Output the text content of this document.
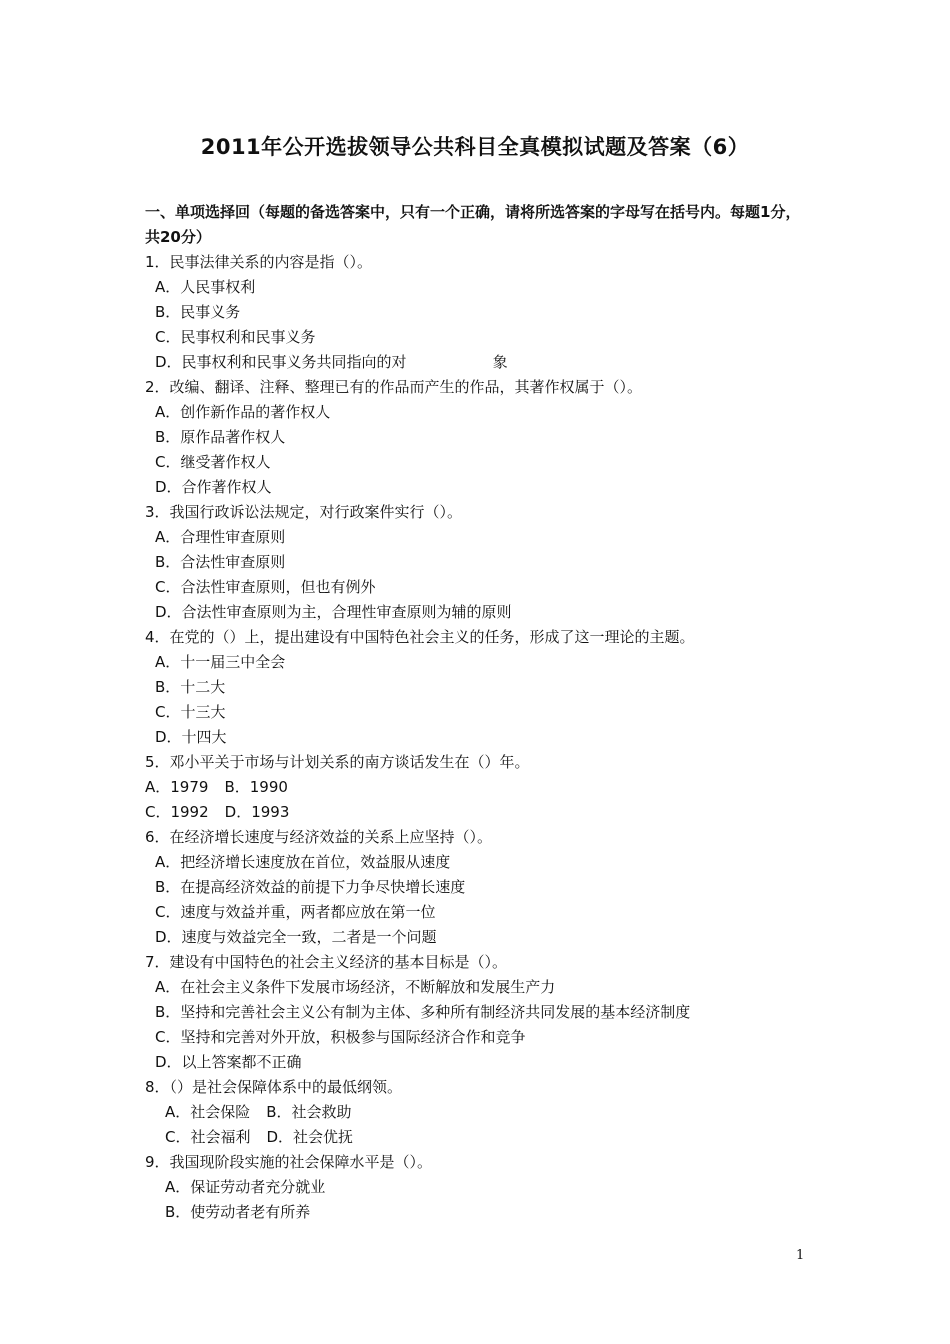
2011年公开选拔领导公共科目全真模拟试题及答案（6）
一、单项选择回（每题的备选答案中，只有一个正确，请将所选答案的字母写在括号内。每题1分，共20分）
1．民事法律关系的内容是指（）。
A．人民事权利
B．民事义务
C．民事权利和民事义务
D．民事权利和民事义务共同指向的对	象
2．改编、翻译、注释、整理已有的作品而产生的作品，其著作权属于（）。
A．创作新作品的著作权人
B．原作品著作权人
C．继受著作权人
D．合作著作权人
3．我国行政诉讼法规定，对行政案件实行（）。
A．合理性审查原则
B．合法性审查原则
C．合法性审查原则，但也有例外
D．合法性审查原则为主，合理性审查原则为辅的原则
4．在党的（）上，提出建设有中国特色社会主义的任务，形成了这一理论的主题。
A．十一届三中全会
B．十二大
C．十三大
D．十四大
5．邓小平关于市场与计划关系的南方谈话发生在（）年。
A．1979 B．1990
C．1992 D．1993
6．在经济增长速度与经济效益的关系上应坚持（）。
A．把经济增长速度放在首位，效益服从速度
B．在提高经济效益的前提下力争尽快增长速度
C．速度与效益并重，两者都应放在第一位
D．速度与效益完全一致，二者是一个问题
7．建设有中国特色的社会主义经济的基本目标是（）。
A．在社会主义条件下发展市场经济，不断解放和发展生产力
B．坚持和完善社会主义公有制为主体、多种所有制经济共同发展的基本经济制度
C．坚持和完善对外开放，积极参与国际经济合作和竞争
D．以上答案都不正确
8．（）是社会保障体系中的最低纲领。
A．社会保险 B．社会救助
C．社会福利 D．社会优抚
9．我国现阶段实施的社会保障水平是（）。
A．保证劳动者充分就业
B．使劳动者老有所养
1
